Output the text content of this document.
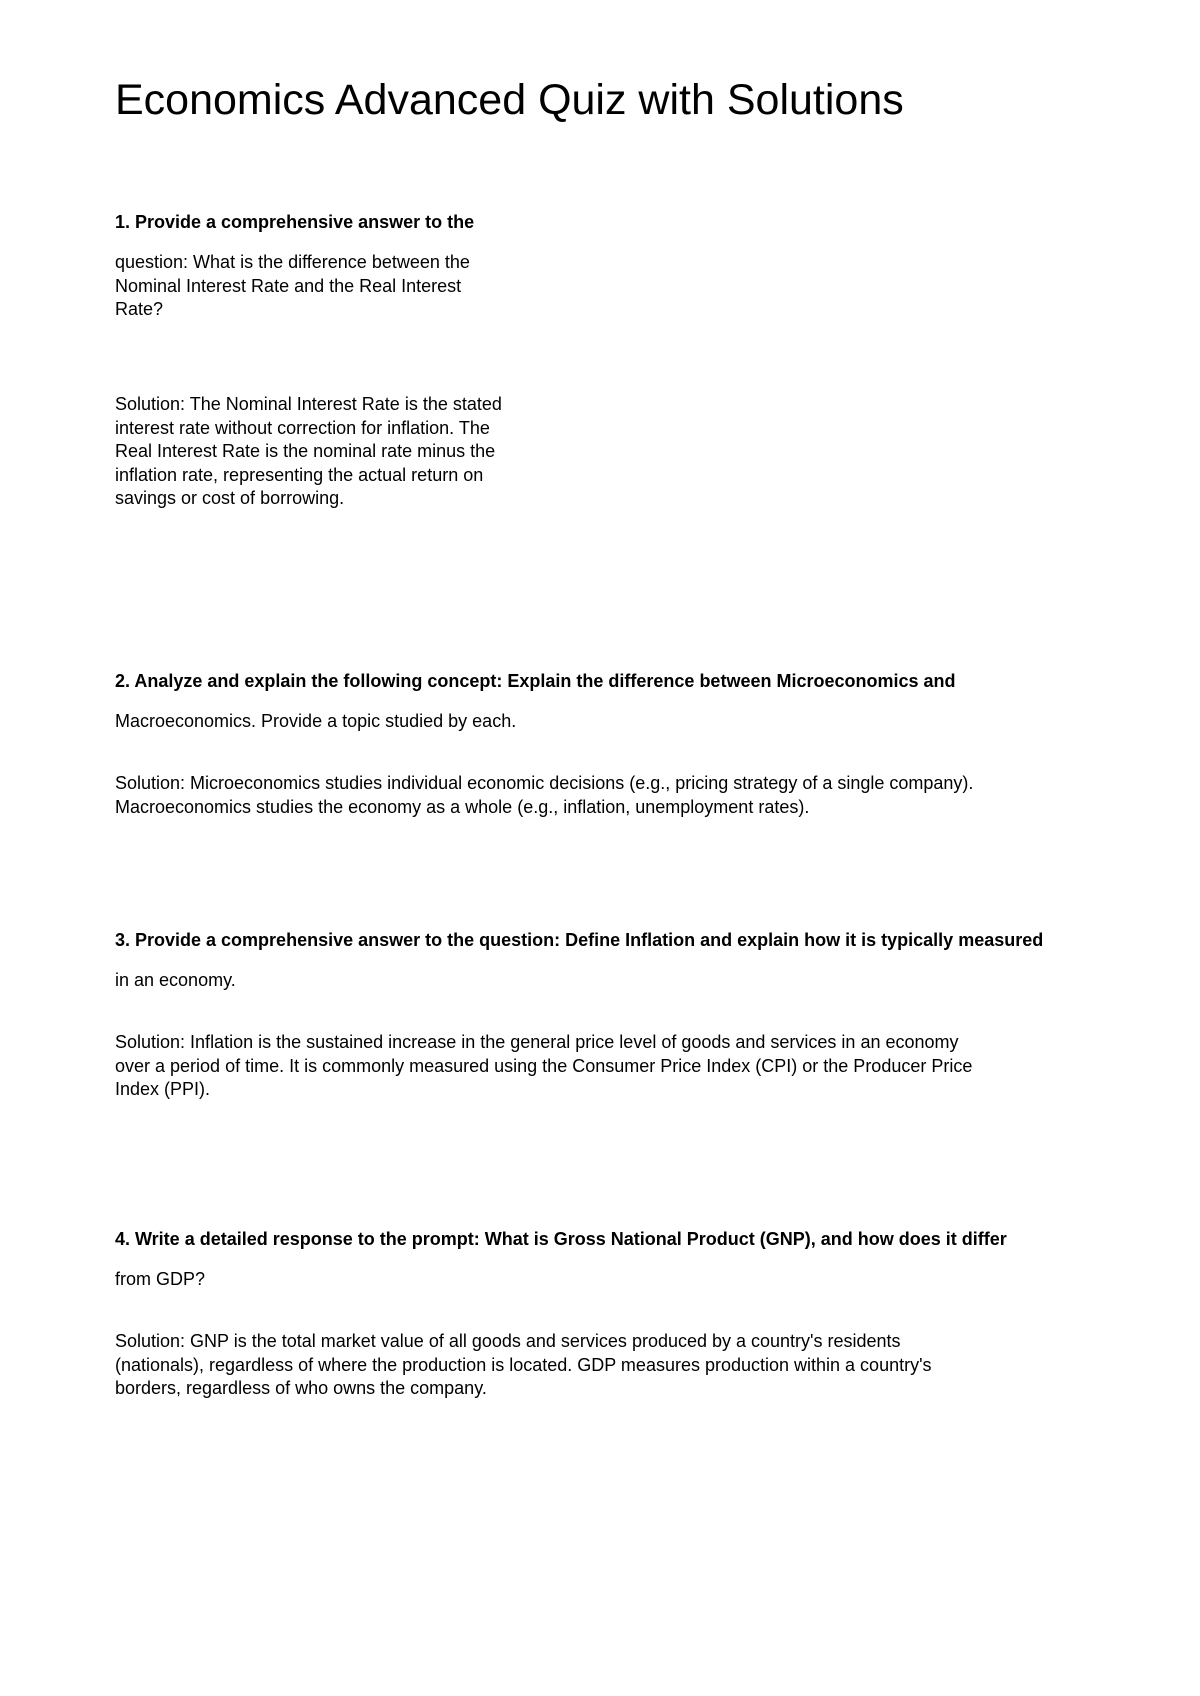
Economics Advanced Quiz with Solutions

1. Provide a comprehensive answer to the

question: What is the difference between the
Nominal Interest Rate and the Real Interest
Rate?
Solution: The Nominal Interest Rate is the stated
interest rate without correction for inflation. The
Real Interest Rate is the nominal rate minus the
inflation rate, representing the actual return on
savings or cost of borrowing.

2. Analyze and explain the following concept: Explain the difference between Microeconomics and

Macroeconomics. Provide a topic studied by each.
Solution: Microeconomics studies individual economic decisions (e.g., pricing strategy of a single company).
Macroeconomics studies the economy as a whole (e.g., inflation, unemployment rates).

3. Provide a comprehensive answer to the question: Define Inflation and explain how it is typically measured

in an economy.
Solution: Inflation is the sustained increase in the general price level of goods and services in an economy
over a period of time. It is commonly measured using the Consumer Price Index (CPI) or the Producer Price
Index (PPI).

4. Write a detailed response to the prompt: What is Gross National Product (GNP), and how does it differ

from GDP?
Solution: GNP is the total market value of all goods and services produced by a country's residents
(nationals), regardless of where the production is located. GDP measures production within a country's
borders, regardless of who owns the company.
